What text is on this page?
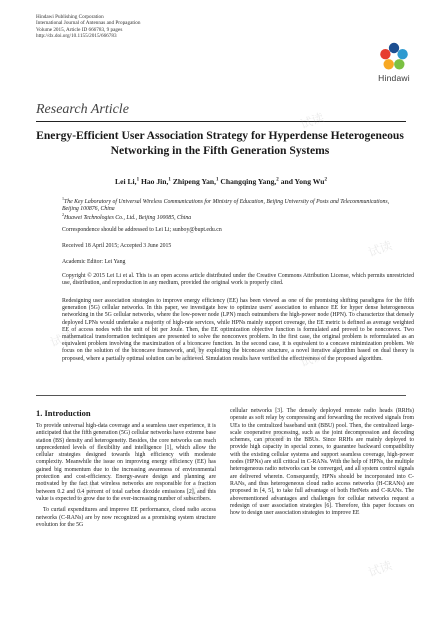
Hindawi Publishing Corporation
International Journal of Antennas and Propagation
Volume 2015, Article ID 666783, 9 pages
http://dx.doi.org/10.1155/2015/666783
Hindawi
Research Article
Energy-Efficient User Association Strategy for Hyperdense Heterogeneous Networking in the Fifth Generation Systems
Lei Li,$^1$ Hao Jin,$^1$ Zhipeng Yan,$^1$ Changqing Yang,$^2$ and Yong Wu$^2$
$^1$The Key Laboratory of Universal Wireless Communications for Ministry of Education, Beijing University of Posts and Telecommunications, Beijing 100876, China
$^2$Huawei Technologies Co., Ltd., Beijing 100085, China
Correspondence should be addressed to Lei Li; sunboy@bupt.edu.cn
Received 18 April 2015; Accepted 3 June 2015
Academic Editor: Lei Yang
Copyright © 2015 Lei Li et al. This is an open access article distributed under the Creative Commons Attribution License, which permits unrestricted use, distribution, and reproduction in any medium, provided the original work is properly cited.
Redesigning user association strategies to improve energy efficiency (EE) has been viewed as one of the promising shifting paradigms for the fifth generation (5G) cellular networks. In this paper, we investigate how to optimize users' association to enhance EE for hyper dense heterogeneous networking in the 5G cellular networks, where the low-power node (LPN) much outnumbers the high-power node (HPN). To characterize that densely deployed LPNs would undertake a majority of high-rate services, while HPNs mainly support coverage, the EE metric is defined as average weighted EE of access nodes with the unit of bit per Joule. Then, the EE optimization objective function is formulated and proved to be nonconvex. Two mathematical transformation techniques are presented to solve the nonconvex problem. In the first case, the original problem is reformulated as an equivalent problem involving the maximization of a biconcave function. In the second case, it is equivalent to a concave minimization problem. We focus on the solution of the biconcave framework, and, by exploiting the biconcave structure, a novel iterative algorithm based on dual theory is proposed, where a partially optimal solution can be achieved. Simulation results have verified the effectiveness of the proposed algorithm.
1. Introduction

To provide universal high-data coverage and a seamless user experience, it is anticipated that the fifth generation (5G) cellular networks have extreme base station (BS) density and heterogeneity. Besides, the core networks can reach unprecedented levels of flexibility and intelligence [1], which allow the cellular strategies designed towards high efficiency with moderate complexity. Meanwhile the issue on improving energy efficiency (EE) has gained big momentum due to the increasing awareness of environmental protection and cost-efficiency. Energy-aware design and planning are motivated by the fact that wireless networks are responsible for a fraction between 0.2 and 0.4 percent of total carbon dioxide emissions [2], and this value is expected to grow due to the ever-increasing number of subscribers.

To curtail expenditures and improve EE performance, cloud radio access networks (C-RANs) are by now recognized as a promising system structure evolution for the 5G

cellular networks [3]. The densely deployed remote radio heads (RRHs) operate as soft relay by compressing and forwarding the received signals from UEs to the centralized baseband unit (BBU) pool. Then, the centralized large-scale cooperative processing, such as the joint decompression and decoding schemes, can proceed in the BBUs. Since RRHs are mainly deployed to provide high capacity in special zones, to guarantee backward compatibility with the existing cellular systems and support seamless coverage, high-power nodes (HPNs) are still critical in C-RANs. With the help of HPNs, the multiple heterogeneous radio networks can be converged, and all system control signals are delivered wherein. Consequently, HPNs should be incorporated into C-RANs, and thus heterogeneous cloud radio access networks (H-CRANs) are proposed in [4, 5], to take full advantage of both HetNets and C-RANs. The abovementioned advantages and challenges for cellular networks request a redesign of user association strategies [6]. Therefore, this paper focuses on how to design user association strategies to improve EE

试读
试读
试读
试读	试读
试读	试读
试读
试读
